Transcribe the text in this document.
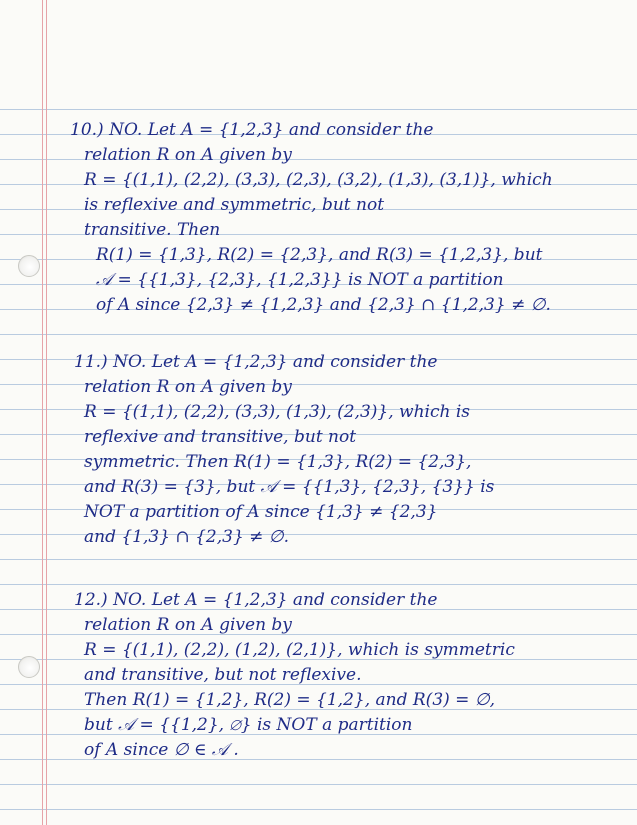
10.) NO. Let A = {1,2,3} and consider the
relation R on A given by
R = {(1,1), (2,2), (3,3), (2,3), (3,2), (1,3), (3,1)}, which
is reflexive and symmetric, but not
transitive. Then
R(1) = {1,3}, R(2) = {2,3}, and R(3) = {1,2,3}, but
𝒜 = {{1,3}, {2,3}, {1,2,3}} is NOT a partition
of A since {2,3} ≠ {1,2,3} and {2,3} ∩ {1,2,3} ≠ ∅.
11.) NO. Let A = {1,2,3} and consider the
relation R on A given by
R = {(1,1), (2,2), (3,3), (1,3), (2,3)}, which is
reflexive and transitive, but not
symmetric. Then R(1) = {1,3}, R(2) = {2,3},
and R(3) = {3}, but 𝒜 = {{1,3}, {2,3}, {3}} is
NOT a partition of A since {1,3} ≠ {2,3}
and {1,3} ∩ {2,3} ≠ ∅.
12.) NO. Let A = {1,2,3} and consider the
relation R on A given by
R = {(1,1), (2,2), (1,2), (2,1)}, which is symmetric
and transitive, but not reflexive.
Then R(1) = {1,2}, R(2) = {1,2}, and R(3) = ∅,
but 𝒜 = {{1,2}, ∅} is NOT a partition
of A since ∅ ∈ 𝒜 .
